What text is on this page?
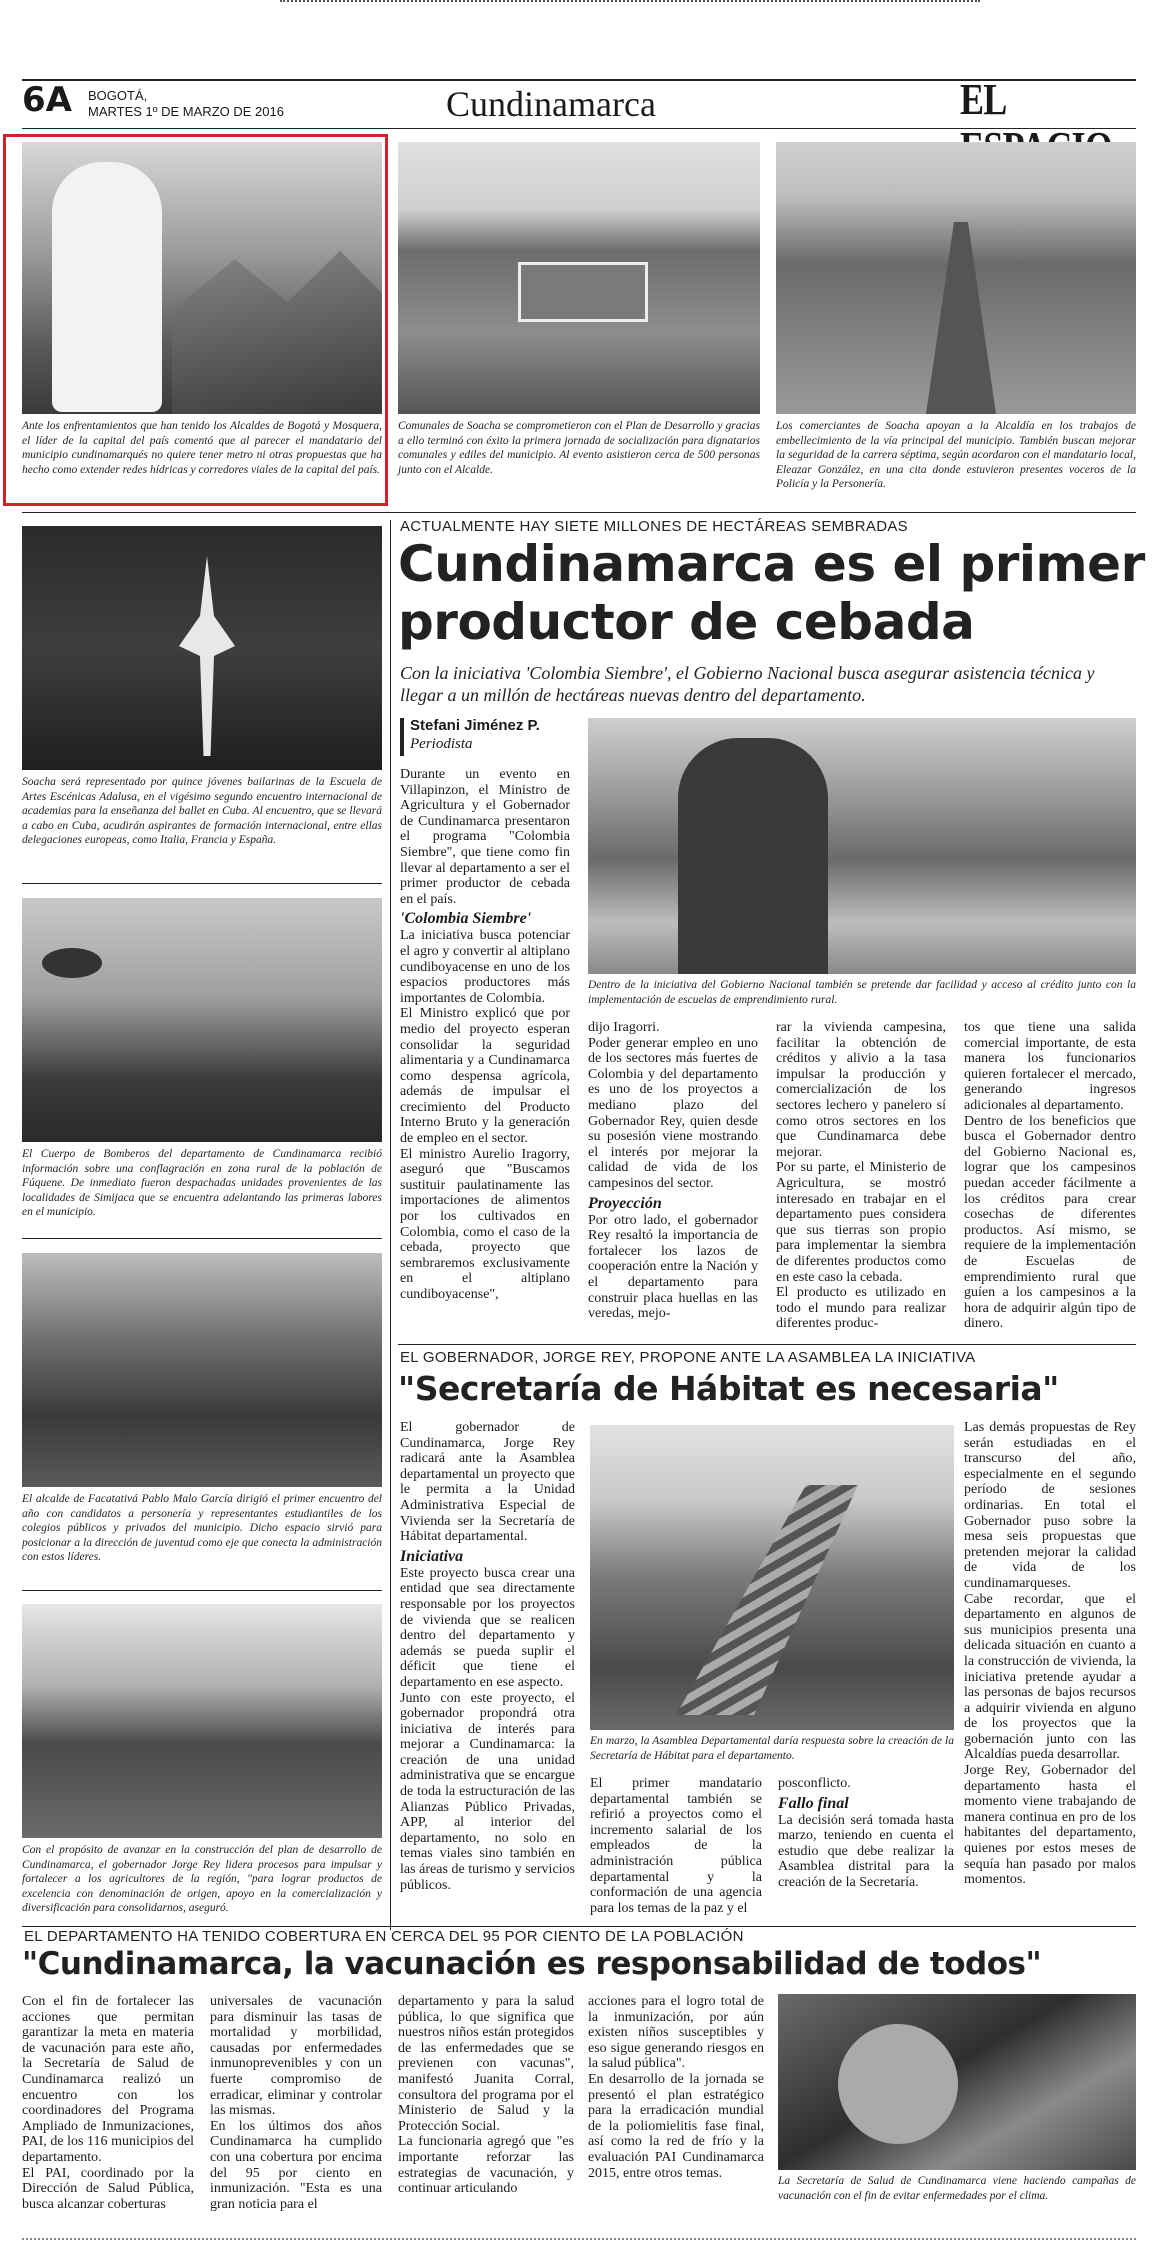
6A BOGOTÁ,
MARTES 1º DE MARZO DE 2016	Cundinamarca	EL
Ante los enfrentamientos que han tenido los Alcaldes de Bogotá y Mosquera, el líder de la capital del país comentó que al parecer el mandatario del municipio cundinamarqués no quiere tener metro ni otras propuestas que ha hecho como extender redes hídricas y corredores viales de la capital del país.
Comunales de Soacha se comprometieron con el Plan de Desarrollo y gracias a ello terminó con éxito la primera jornada de socialización para dignatarios comunales y ediles del municipio. Al evento asistieron cerca de 500 personas junto con el Alcalde.
Los comerciantes de Soacha apoyan a la Alcaldía en los trabajos de embellecimiento de la vía principal del municipio. También buscan mejorar la seguridad de la carrera séptima, según acordaron con el mandatario local, Eleazar González, en una cita donde estuvieron presentes voceros de la Policía y la Personería.
Soacha será representado por quince jóvenes bailarinas de la Escuela de Artes Escénicas Adalusa, en el vigésimo segundo encuentro internacional de academias para la enseñanza del ballet en Cuba. Al encuentro, que se llevará a cabo en Cuba, acudirán aspirantes de formación internacional, entre ellas delegaciones europeas, como Italia, Francia y España.
El Cuerpo de Bomberos del departamento de Cundinamarca recibió información sobre una conflagración en zona rural de la población de Fúquene. De inmediato fueron despachadas unidades provenientes de las localidades de Simijaca que se encuentra adelantando las primeras labores en el municipio.
El alcalde de Facatativá Pablo Malo García dirigió el primer encuentro del año con candidatos a personería y representantes estudiantiles de los colegios públicos y privados del municipio. Dicho espacio sirvió para posicionar a la dirección de juventud como eje que conecta la administración con estos líderes.
Con el propósito de avanzar en la construcción del plan de desarrollo de Cundinamarca, el gobernador Jorge Rey lidera procesos para impulsar y fortalecer a los agricultores de la región, "para lograr productos de excelencia con denominación de origen, apoyo en la comercialización y diversificación para consolidarnos, aseguró.
ACTUALMENTE HAY SIETE MILLONES DE HECTÁREAS SEMBRADAS
Cundinamarca es el primer
productor de cebada
Con la iniciativa 'Colombia Siembre', el Gobierno Nacional busca asegurar asistencia técnica y llegar a un millón de hectáreas nuevas dentro del departamento.
Stefani Jiménez P.
Periodista
Durante un evento en Villapinzon, el Ministro de Agricultura y el Gobernador de Cundinamarca presentaron el programa "Colombia Siembre", que tiene como fin llevar al departamento a ser el primer productor de cebada en el país.
'Colombia Siembre'
La iniciativa busca potenciar el agro y convertir al altiplano cundiboyacense en uno de los espacios productores más importantes de Colombia.
El Ministro explicó que por medio del proyecto esperan consolidar la seguridad alimentaria y a Cundinamarca como despensa agrícola, además de impulsar el crecimiento del Producto Interno Bruto y la generación de empleo en el sector.
El ministro Aurelio Iragorry, aseguró que "Buscamos sustituir paulatinamente las importaciones de alimentos por los cultivados en Colombia, como el caso de la cebada, proyecto que sembraremos exclusivamente en el altiplano cundiboyacense",
Dentro de la iniciativa del Gobierno Nacional también se pretende dar facilidad y acceso al crédito junto con la implementación de escuelas de emprendimiento rural.
dijo Iragorri.
Poder generar empleo en uno de los sectores más fuertes de Colombia y del departamento es uno de los proyectos a mediano plazo del Gobernador Rey, quien desde su posesión viene mostrando el interés por mejorar la calidad de vida de los campesinos del sector.
Proyección
Por otro lado, el gobernador Rey resaltó la importancia de fortalecer los lazos de cooperación entre la Nación y el departamento para construir placa huellas en las veredas, mejo-
rar la vivienda campesina, facilitar la obtención de créditos y alivio a la tasa impulsar la producción y comercialización de los sectores lechero y panelero sí como otros sectores en los que Cundinamarca debe mejorar.
Por su parte, el Ministerio de Agricultura, se mostró interesado en trabajar en el departamento pues considera que sus tierras son propio para implementar la siembra de diferentes productos como en este caso la cebada.
El producto es utilizado en todo el mundo para realizar diferentes produc-
tos que tiene una salida comercial importante, de esta manera los funcionarios quieren fortalecer el mercado, generando ingresos adicionales al departamento.
Dentro de los beneficios que busca el Gobernador dentro del Gobierno Nacional es, lograr que los campesinos puedan acceder fácilmente a los créditos para crear cosechas de diferentes productos. Así mismo, se requiere de la implementación de Escuelas de emprendimiento rural que guíen a los campesinos a la hora de adquirir algún tipo de dinero.
EL GOBERNADOR, JORGE REY, PROPONE ANTE LA ASAMBLEA LA INICIATIVA
"Secretaría de Hábitat es necesaria"
El gobernador de Cundinamarca, Jorge Rey radicará ante la Asamblea departamental un proyecto que le permita a la Unidad Administrativa Especial de Vivienda ser la Secretaría de Hábitat departamental.
Iniciativa
Este proyecto busca crear una entidad que sea directamente responsable por los proyectos de vivienda que se realicen dentro del departamento y además se pueda suplir el déficit que tiene el departamento en ese aspecto.
Junto con este proyecto, el gobernador propondrá otra iniciativa de interés para mejorar a Cundinamarca: la creación de una unidad administrativa que se encargue de toda la estructuración de las Alianzas Público Privadas, APP, al interior del departamento, no solo en temas viales sino también en las áreas de turismo y servicios públicos.
En marzo, la Asamblea Departamental daría respuesta sobre la creación de la Secretaría de Hábitat para el departamento.
El primer mandatario departamental también se refirió a proyectos como el incremento salarial de los empleados de la administración pública departamental y la conformación de una agencia para los temas de la paz y el
posconflicto.
Fallo final
La decisión será tomada hasta marzo, teniendo en cuenta el estudio que debe realizar la Asamblea distrital para la creación de la Secretaría.
Las demás propuestas de Rey serán estudiadas en el transcurso del año, especialmente en el segundo período de sesiones ordinarias. En total el Gobernador puso sobre la mesa seis propuestas que pretenden mejorar la calidad de vida de los cundinamarqueses.
Cabe recordar, que el departamento en algunos de sus municipios presenta una delicada situación en cuanto a la construcción de vivienda, la iniciativa pretende ayudar a las personas de bajos recursos a adquirir vivienda en alguno de los proyectos que la gobernación junto con las Alcaldías pueda desarrollar.
Jorge Rey, Gobernador del departamento hasta el momento viene trabajando de manera continua en pro de los habitantes del departamento, quienes por estos meses de sequía han pasado por malos momentos.
EL DEPARTAMENTO HA TENIDO COBERTURA EN CERCA DEL 95 POR CIENTO DE LA POBLACIÓN
"Cundinamarca, la vacunación es responsabilidad de todos"
Con el fin de fortalecer las acciones que permitan garantizar la meta en materia de vacunación para este año, la Secretaría de Salud de Cundinamarca realizó un encuentro con los coordinadores del Programa Ampliado de Inmunizaciones, PAI, de los 116 municipios del departamento.
El PAI, coordinado por la Dirección de Salud Pública, busca alcanzar coberturas
universales de vacunación para disminuir las tasas de mortalidad y morbilidad, causadas por enfermedades inmunoprevenibles y con un fuerte compromiso de erradicar, eliminar y controlar las mismas.
En los últimos dos años Cundinamarca ha cumplido con una cobertura por encima del 95 por ciento en inmunización. "Esta es una gran noticia para el
departamento y para la salud pública, lo que significa que nuestros niños están protegidos de las enfermedades que se previenen con vacunas", manifestó Juanita Corral, consultora del programa por el Ministerio de Salud y la Protección Social.
La funcionaria agregó que "es importante reforzar las estrategias de vacunación, y continuar articulando
acciones para el logro total de la inmunización, por aún existen niños susceptibles y eso sigue generando riesgos en la salud pública".
En desarrollo de la jornada se presentó el plan estratégico para la erradicación mundial de la poliomielitis fase final, así como la red de frío y la evaluación PAI Cundinamarca 2015, entre otros temas.
La Secretaría de Salud de Cundinamarca viene haciendo campañas de vacunación con el fin de evitar enfermedades por el clima.
